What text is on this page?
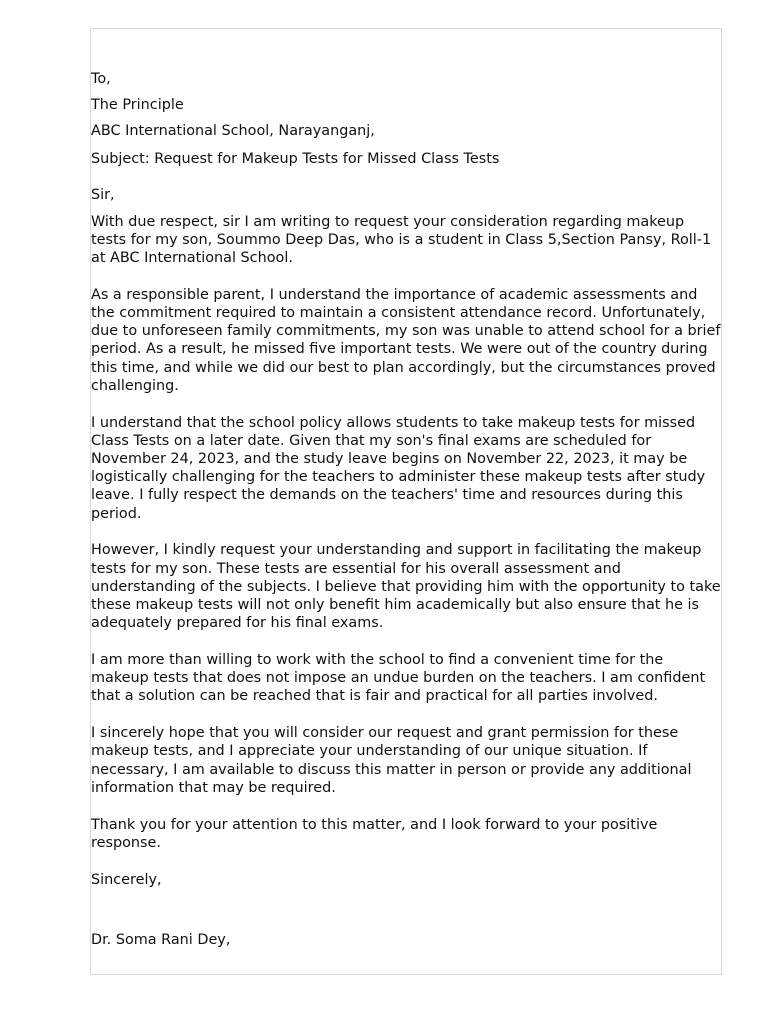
To,

The Principle

ABC International School, Narayanganj,

Subject: Request for Makeup Tests for Missed Class Tests

Sir,

With due respect, sir I am writing to request your consideration regarding makeup tests for my son, Soummo Deep Das, who is a student in Class 5,Section Pansy, Roll-1 at ABC International School.

As a responsible parent, I understand the importance of academic assessments and the commitment required to maintain a consistent attendance record. Unfortunately, due to unforeseen family commitments, my son was unable to attend school for a brief period. As a result, he missed five important tests. We were out of the country during this time, and while we did our best to plan accordingly, but the circumstances proved challenging.

I understand that the school policy allows students to take makeup tests for missed Class Tests on a later date. Given that my son's final exams are scheduled for November 24, 2023, and the study leave begins on November 22, 2023, it may be logistically challenging for the teachers to administer these makeup tests after study leave. I fully respect the demands on the teachers' time and resources during this period.

However, I kindly request your understanding and support in facilitating the makeup tests for my son. These tests are essential for his overall assessment and understanding of the subjects. I believe that providing him with the opportunity to take these makeup tests will not only benefit him academically but also ensure that he is adequately prepared for his final exams.

I am more than willing to work with the school to find a convenient time for the makeup tests that does not impose an undue burden on the teachers. I am confident that a solution can be reached that is fair and practical for all parties involved.

I sincerely hope that you will consider our request and grant permission for these makeup tests, and I appreciate your understanding of our unique situation. If necessary, I am available to discuss this matter in person or provide any additional information that may be required.

Thank you for your attention to this matter, and I look forward to your positive response.

Sincerely,

Dr. Soma Rani Dey,
